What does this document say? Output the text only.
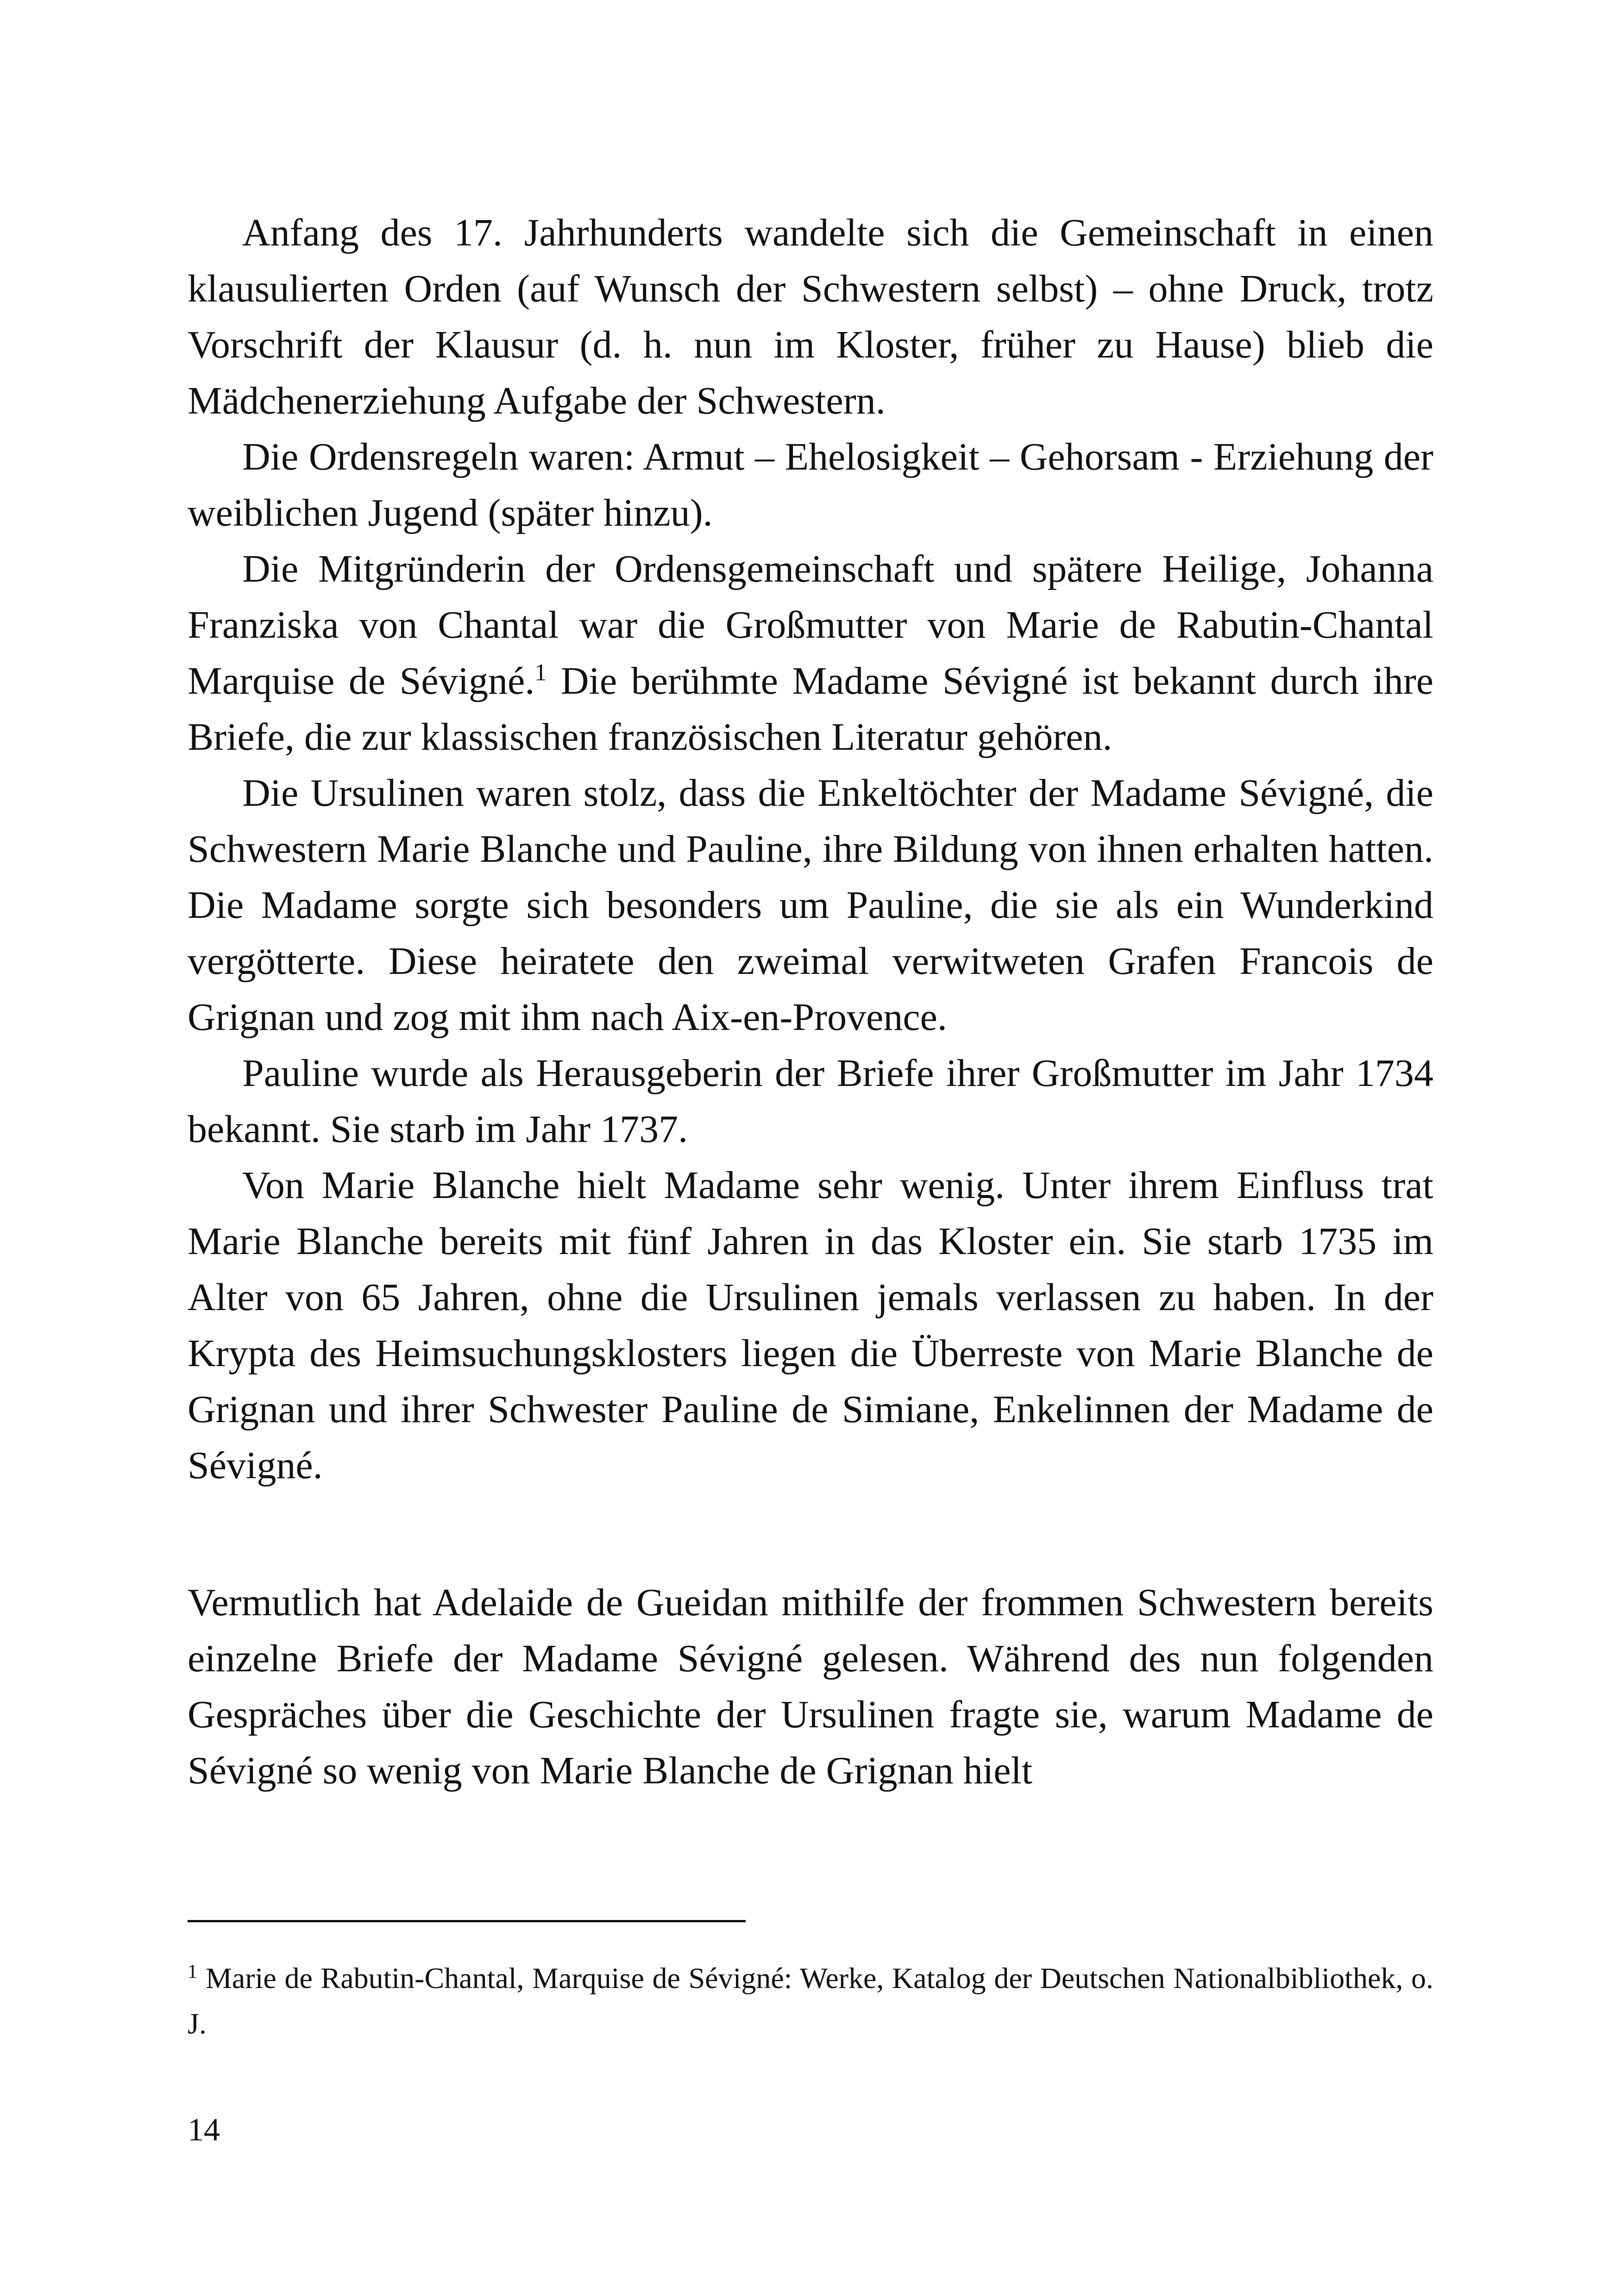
Anfang des 17. Jahrhunderts wandelte sich die Gemeinschaft in einen klausulierten Orden (auf Wunsch der Schwestern selbst) – ohne Druck, trotz Vorschrift der Klausur (d. h. nun im Kloster, früher zu Hause) blieb die Mädchenerziehung Aufgabe der Schwestern.

Die Ordensregeln waren: Armut – Ehelosigkeit – Gehorsam - Erziehung der weiblichen Jugend (später hinzu).

Die Mitgründerin der Ordensgemeinschaft und spätere Heilige, Johanna Franziska von Chantal war die Großmutter von Marie de Rabutin-Chantal Marquise de Sévigné.$^1$ Die berühmte Madame Sévigné ist bekannt durch ihre Briefe, die zur klassischen französischen Literatur gehören.

Die Ursulinen waren stolz, dass die Enkeltöchter der Madame Sévigné, die Schwestern Marie Blanche und Pauline, ihre Bildung von ihnen erhalten hatten. Die Madame sorgte sich besonders um Pauline, die sie als ein Wunderkind vergötterte. Diese heiratete den zweimal verwitweten Grafen Francois de Grignan und zog mit ihm nach Aix-en-Provence.

Pauline wurde als Herausgeberin der Briefe ihrer Großmutter im Jahr 1734 bekannt. Sie starb im Jahr 1737.

Von Marie Blanche hielt Madame sehr wenig. Unter ihrem Einfluss trat Marie Blanche bereits mit fünf Jahren in das Kloster ein. Sie starb 1735 im Alter von 65 Jahren, ohne die Ursulinen jemals verlassen zu haben. In der Krypta des Heimsuchungsklosters liegen die Überreste von Marie Blanche de Grignan und ihrer Schwester Pauline de Simiane, Enkelinnen der Madame de Sévigné.

Vermutlich hat Adelaide de Gueidan mithilfe der frommen Schwestern bereits einzelne Briefe der Madame Sévigné gelesen. Während des nun folgenden Gespräches über die Geschichte der Ursulinen fragte sie, warum Madame de Sévigné so wenig von Marie Blanche de Grignan hielt

$^1$ Marie de Rabutin-Chantal, Marquise de Sévigné: Werke, Katalog der Deutschen Nationalbibliothek, o. J.

14
